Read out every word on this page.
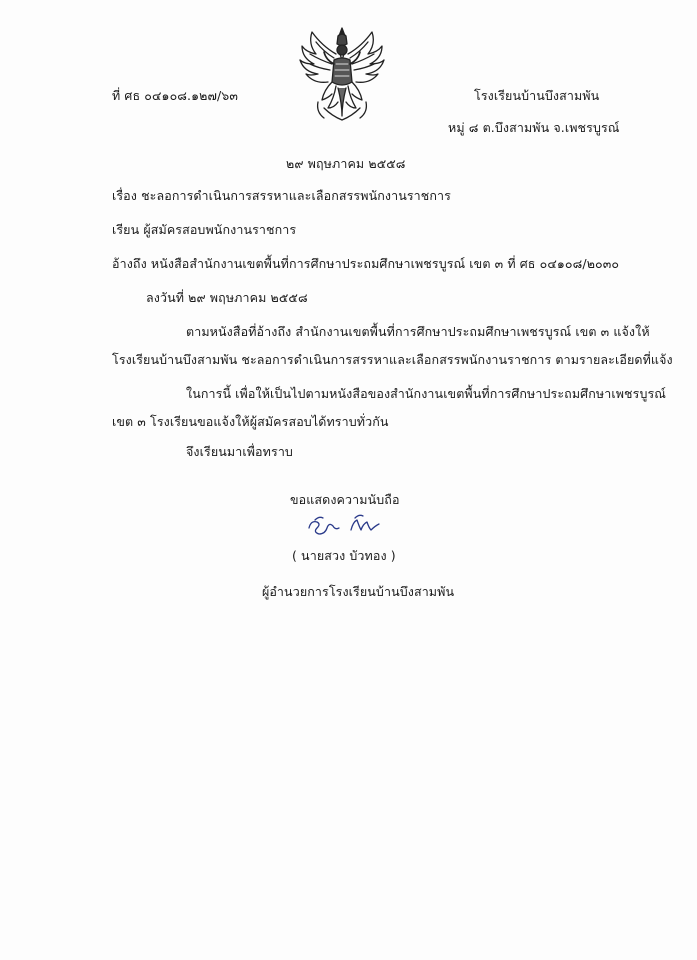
ที่ ศธ ๐๔๑๐๘.๑๒๗/๖๓	โรงเรียนบ้านบึงสามพัน
หมู่ ๘ ต.บึงสามพัน จ.เพชรบูรณ์
๒๙ พฤษภาคม ๒๕๕๘
เรื่อง ชะลอการดำเนินการสรรหาและเลือกสรรพนักงานราชการ
เรียน ผู้สมัครสอบพนักงานราชการ
อ้างถึง หนังสือสำนักงานเขตพื้นที่การศึกษาประถมศึกษาเพชรบูรณ์ เขต ๓ ที่ ศธ ๐๔๑๐๘/๒๐๓๐
ลงวันที่ ๒๙ พฤษภาคม ๒๕๕๘
ตามหนังสือที่อ้างถึง สำนักงานเขตพื้นที่การศึกษาประถมศึกษาเพชรบูรณ์ เขต ๓ แจ้งให้
โรงเรียนบ้านบึงสามพัน ชะลอการดำเนินการสรรหาและเลือกสรรพนักงานราชการ ตามรายละเอียดที่แจ้ง
ในการนี้ เพื่อให้เป็นไปตามหนังสือของสำนักงานเขตพื้นที่การศึกษาประถมศึกษาเพชรบูรณ์
เขต ๓ โรงเรียนขอแจ้งให้ผู้สมัครสอบได้ทราบทั่วกัน
จึงเรียนมาเพื่อทราบ
ขอแสดงความนับถือ
( นายสวง บัวทอง )
ผู้อำนวยการโรงเรียนบ้านบึงสามพัน
